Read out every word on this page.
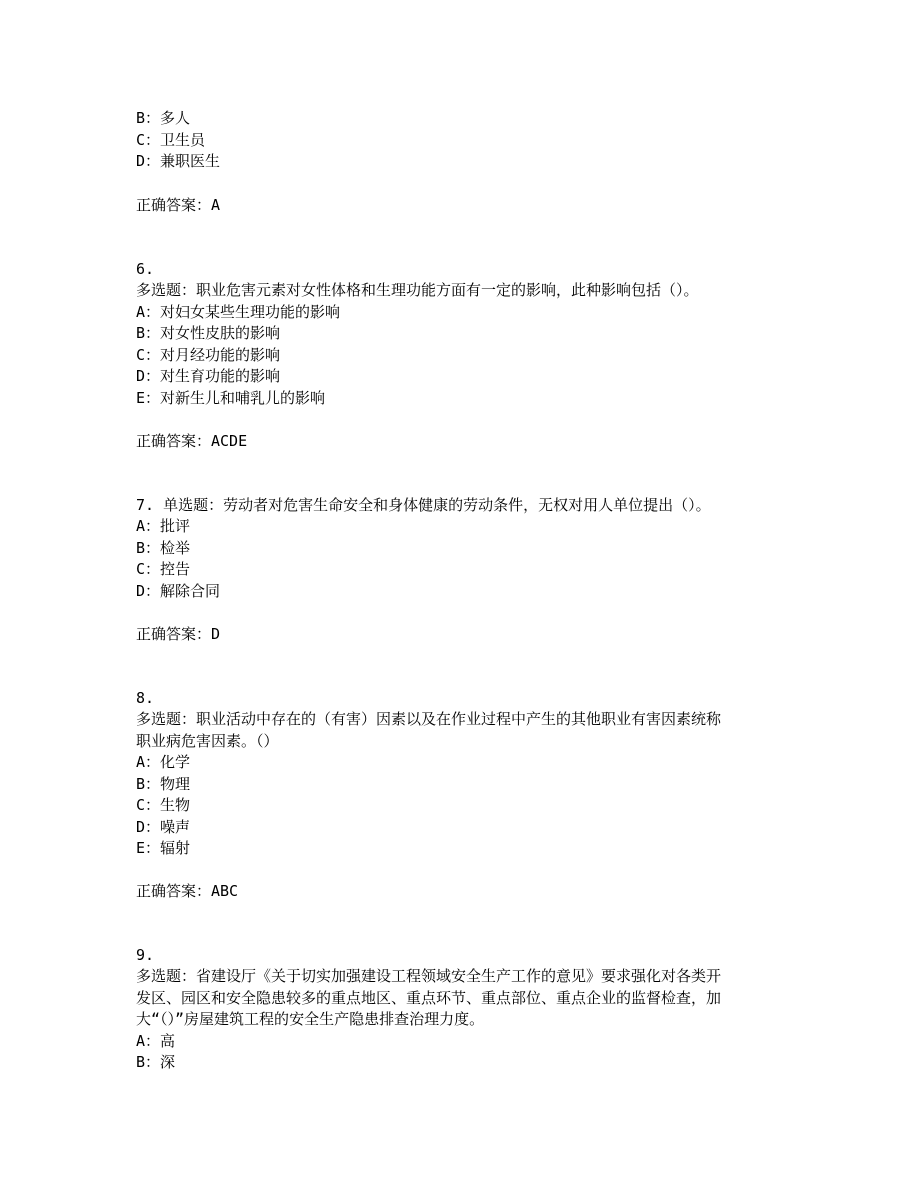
B：多人
C：卫生员
D：兼职医生
正确答案：A
6.
多选题：职业危害元素对女性体格和生理功能方面有一定的影响，此种影响包括（）。
A：对妇女某些生理功能的影响
B：对女性皮肤的影响
C：对月经功能的影响
D：对生育功能的影响
E：对新生儿和哺乳儿的影响
正确答案：ACDE
7. 单选题：劳动者对危害生命安全和身体健康的劳动条件，无权对用人单位提出（）。
A：批评
B：检举
C：控告
D：解除合同
正确答案：D
8.
多选题：职业活动中存在的（有害）因素以及在作业过程中产生的其他职业有害因素统称
职业病危害因素。（）
A：化学
B：物理
C：生物
D：噪声
E：辐射
正确答案：ABC
9.
多选题：省建设厅《关于切实加强建设工程领域安全生产工作的意见》要求强化对各类开
发区、园区和安全隐患较多的重点地区、重点环节、重点部位、重点企业的监督检查，加
大“（）”房屋建筑工程的安全生产隐患排查治理力度。
A：高
B：深
